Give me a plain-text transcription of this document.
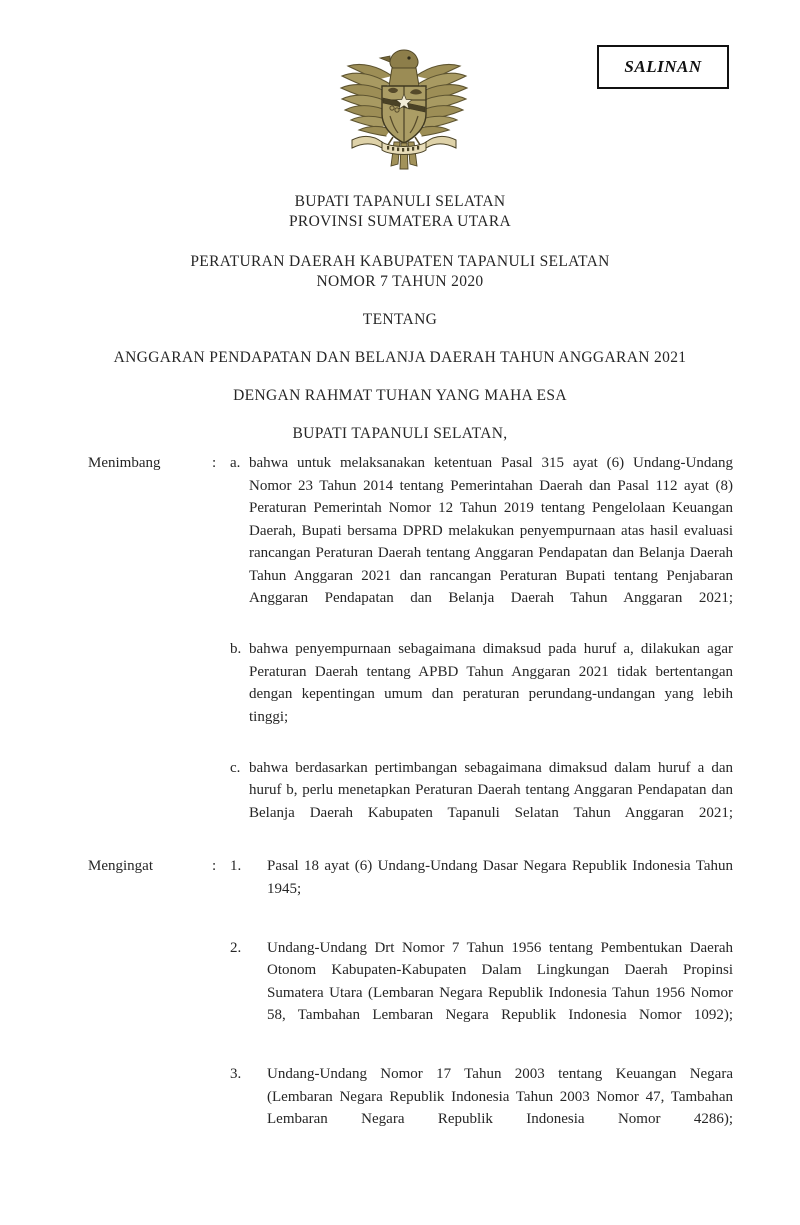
SALINAN
BUPATI TAPANULI SELATAN
PROVINSI SUMATERA UTARA
PERATURAN DAERAH KABUPATEN TAPANULI SELATAN
NOMOR 7 TAHUN 2020
TENTANG
ANGGARAN PENDAPATAN DAN BELANJA DAERAH TAHUN ANGGARAN 2021
DENGAN RAHMAT TUHAN YANG MAHA ESA
BUPATI TAPANULI SELATAN,
Menimbang	: a. bahwa untuk melaksanakan ketentuan Pasal 315 ayat (6) Undang-Undang Nomor 23 Tahun 2014 tentang Pemerintahan Daerah dan Pasal 112 ayat (8) Peraturan Pemerintah Nomor 12 Tahun 2019 tentang Pengelolaan Keuangan Daerah, Bupati bersama DPRD melakukan penyempurnaan atas hasil evaluasi rancangan Peraturan Daerah tentang Anggaran Pendapatan dan Belanja Daerah Tahun Anggaran 2021 dan rancangan Peraturan Bupati tentang Penjabaran Anggaran Pendapatan dan Belanja Daerah Tahun Anggaran 2021;
b. bahwa penyempurnaan sebagaimana dimaksud pada huruf a, dilakukan agar Peraturan Daerah tentang APBD Tahun Anggaran 2021 tidak bertentangan dengan kepentingan umum dan peraturan perundang-undangan yang lebih tinggi;
c. bahwa berdasarkan pertimbangan sebagaimana dimaksud dalam huruf a dan huruf b, perlu menetapkan Peraturan Daerah tentang Anggaran Pendapatan dan Belanja Daerah Kabupaten Tapanuli Selatan Tahun Anggaran 2021;
Mengingat	: 1.	Pasal 18 ayat (6) Undang-Undang Dasar Negara Republik Indonesia Tahun 1945;
2.	Undang-Undang Drt Nomor 7 Tahun 1956 tentang Pembentukan Daerah Otonom Kabupaten-Kabupaten Dalam Lingkungan Daerah Propinsi Sumatera Utara (Lembaran Negara Republik Indonesia Tahun 1956 Nomor 58, Tambahan Lembaran Negara Republik Indonesia Nomor 1092);
3.	Undang-Undang Nomor 17 Tahun 2003 tentang Keuangan Negara (Lembaran Negara Republik Indonesia Tahun 2003 Nomor 47, Tambahan Lembaran Negara Republik Indonesia Nomor 4286);
